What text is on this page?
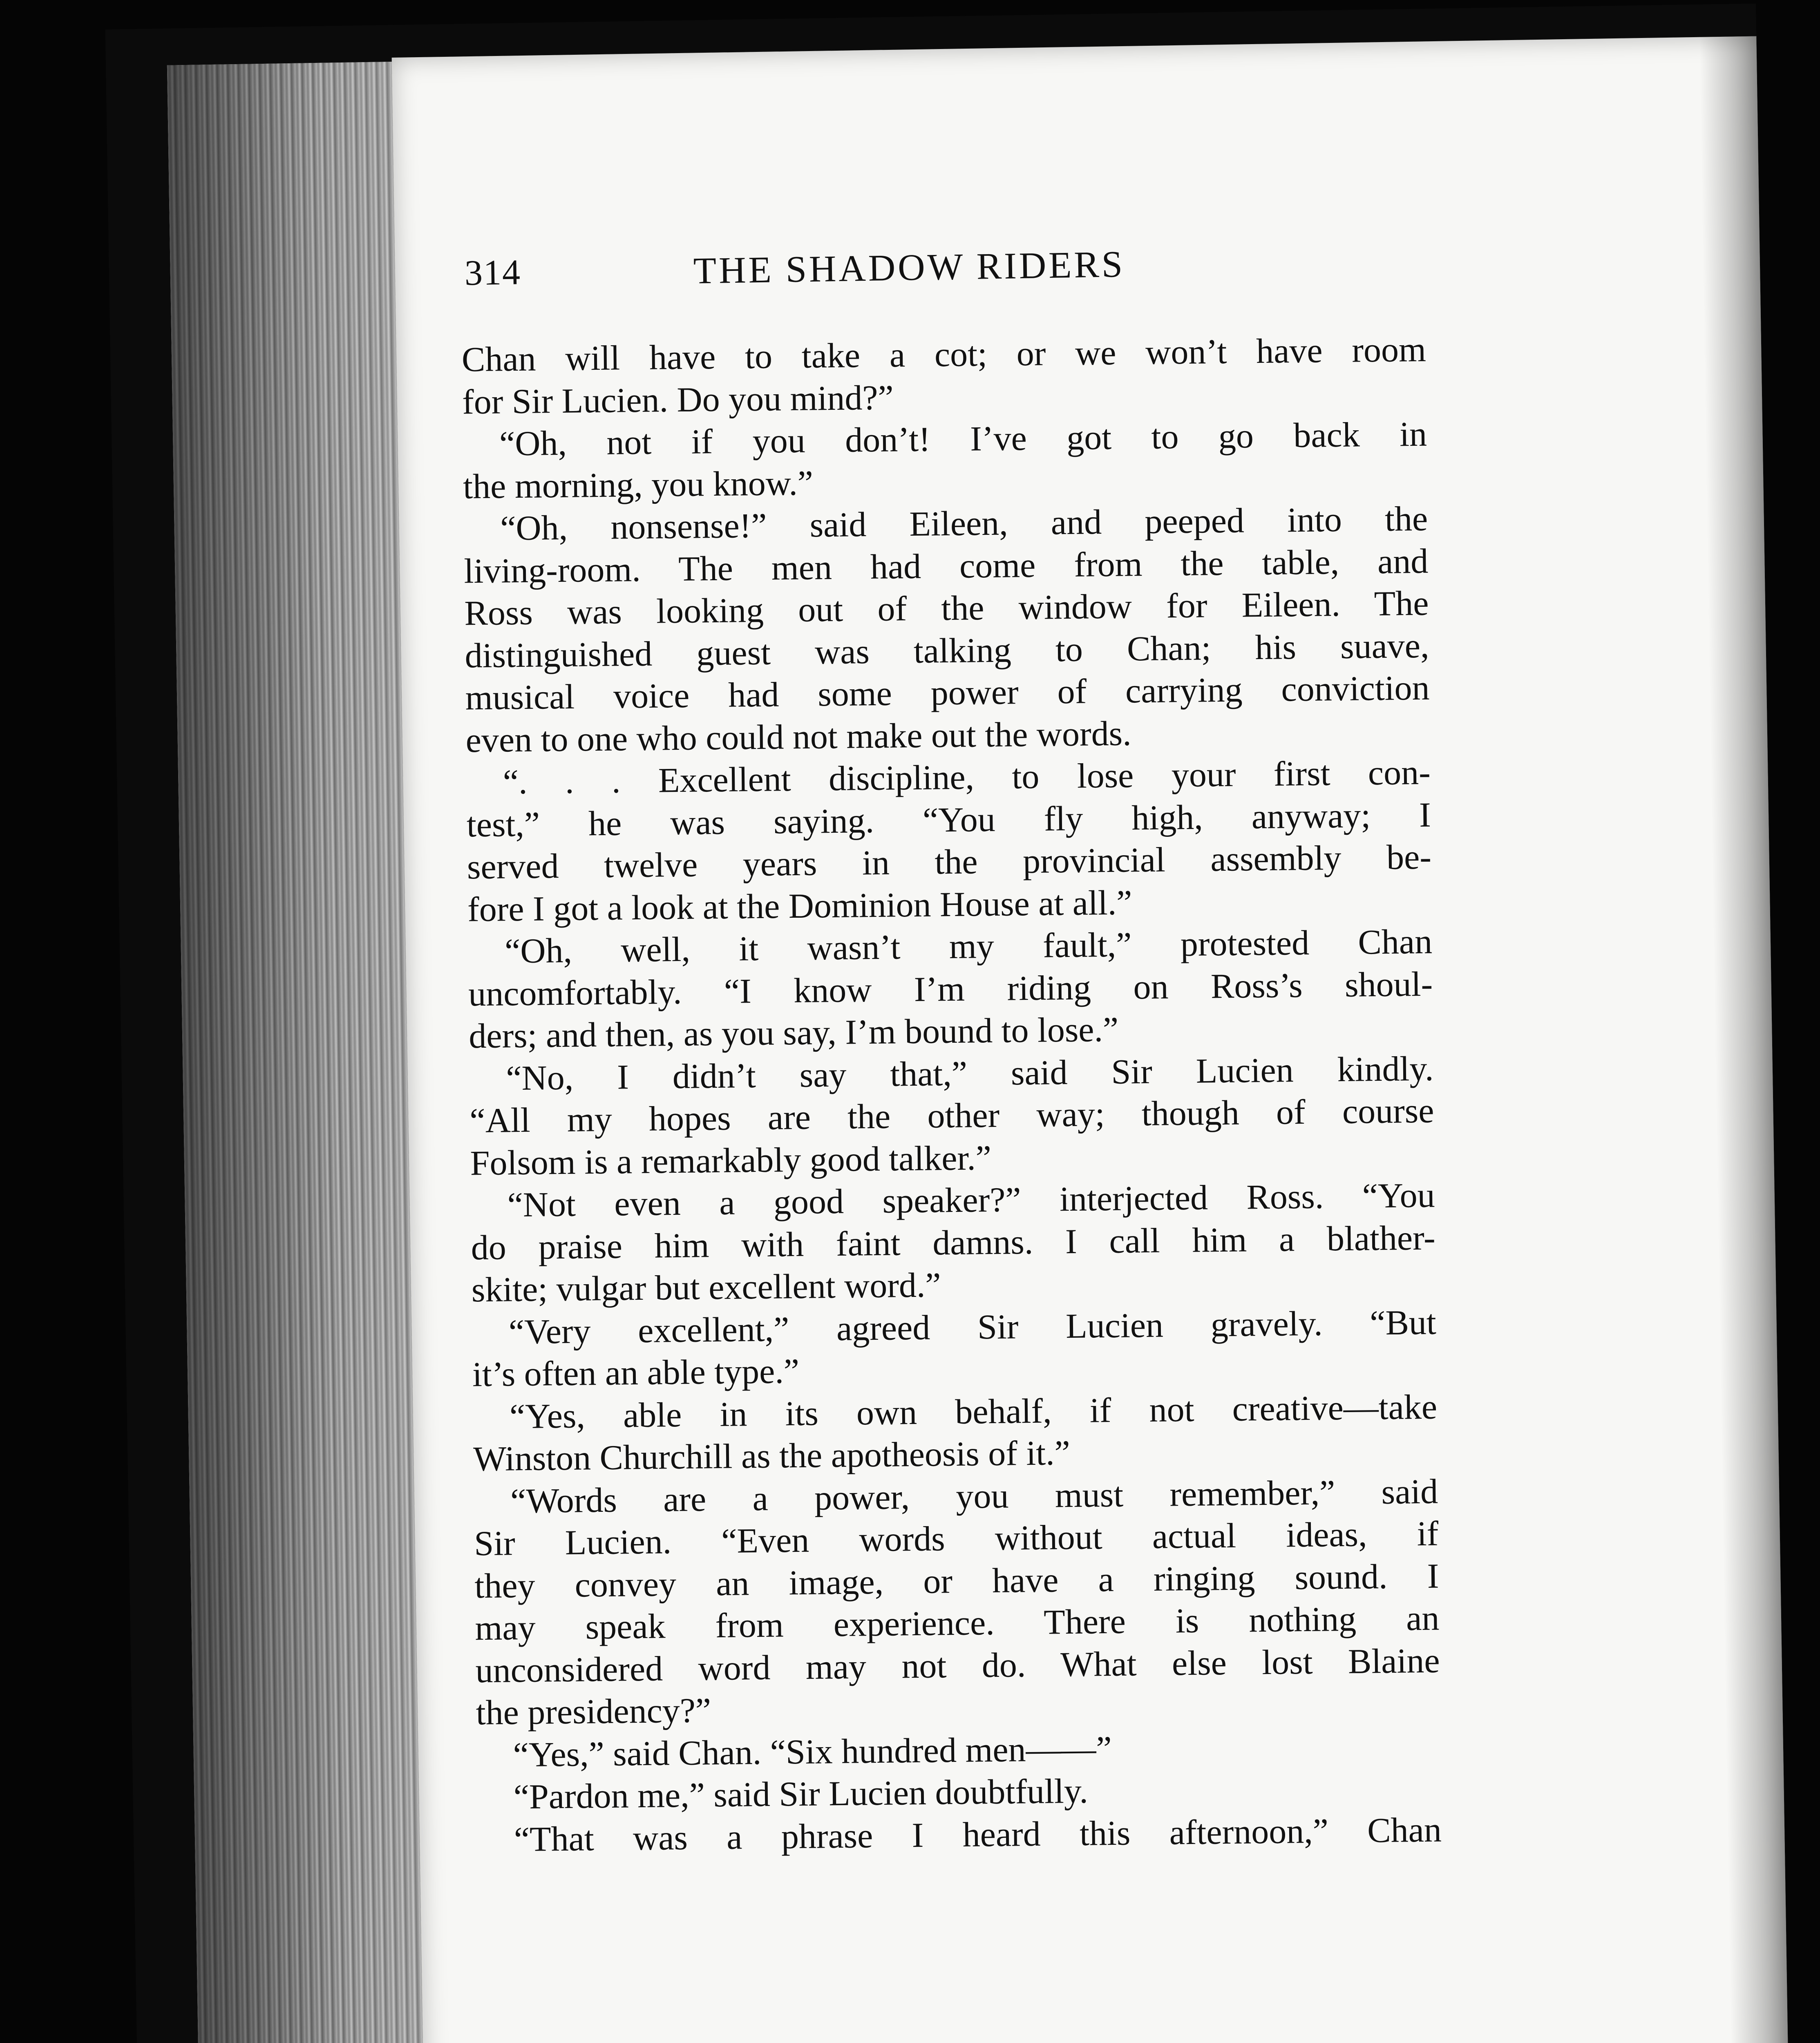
314	THE SHADOW RIDERS
Chan will have to take a cot; or we won’t have room
for Sir Lucien. Do you mind?”
“Oh, not if you don’t! I’ve got to go back in
the morning, you know.”
“Oh, nonsense!” said Eileen, and peeped into the
living-room. The men had come from the table, and
Ross was looking out of the window for Eileen. The
distinguished guest was talking to Chan; his suave,
musical voice had some power of carrying conviction
even to one who could not make out the words.
“. . . Excellent discipline, to lose your first con-
test,” he was saying. “You fly high, anyway; I
served twelve years in the provincial assembly be-
fore I got a look at the Dominion House at all.”
“Oh, well, it wasn’t my fault,” protested Chan
uncomfortably. “I know I’m riding on Ross’s shoul-
ders; and then, as you say, I’m bound to lose.”
“No, I didn’t say that,” said Sir Lucien kindly.
“All my hopes are the other way; though of course
Folsom is a remarkably good talker.”
“Not even a good speaker?” interjected Ross. “You
do praise him with faint damns. I call him a blather-
skite; vulgar but excellent word.”
“Very excellent,” agreed Sir Lucien gravely. “But
it’s often an able type.”
“Yes, able in its own behalf, if not creative—take
Winston Churchill as the apotheosis of it.”
“Words are a power, you must remember,” said
Sir Lucien. “Even words without actual ideas, if
they convey an image, or have a ringing sound. I
may speak from experience. There is nothing an
unconsidered word may not do. What else lost Blaine
the presidency?”
“Yes,” said Chan. “Six hundred men——”
“Pardon me,” said Sir Lucien doubtfully.
“That was a phrase I heard this afternoon,” Chan
